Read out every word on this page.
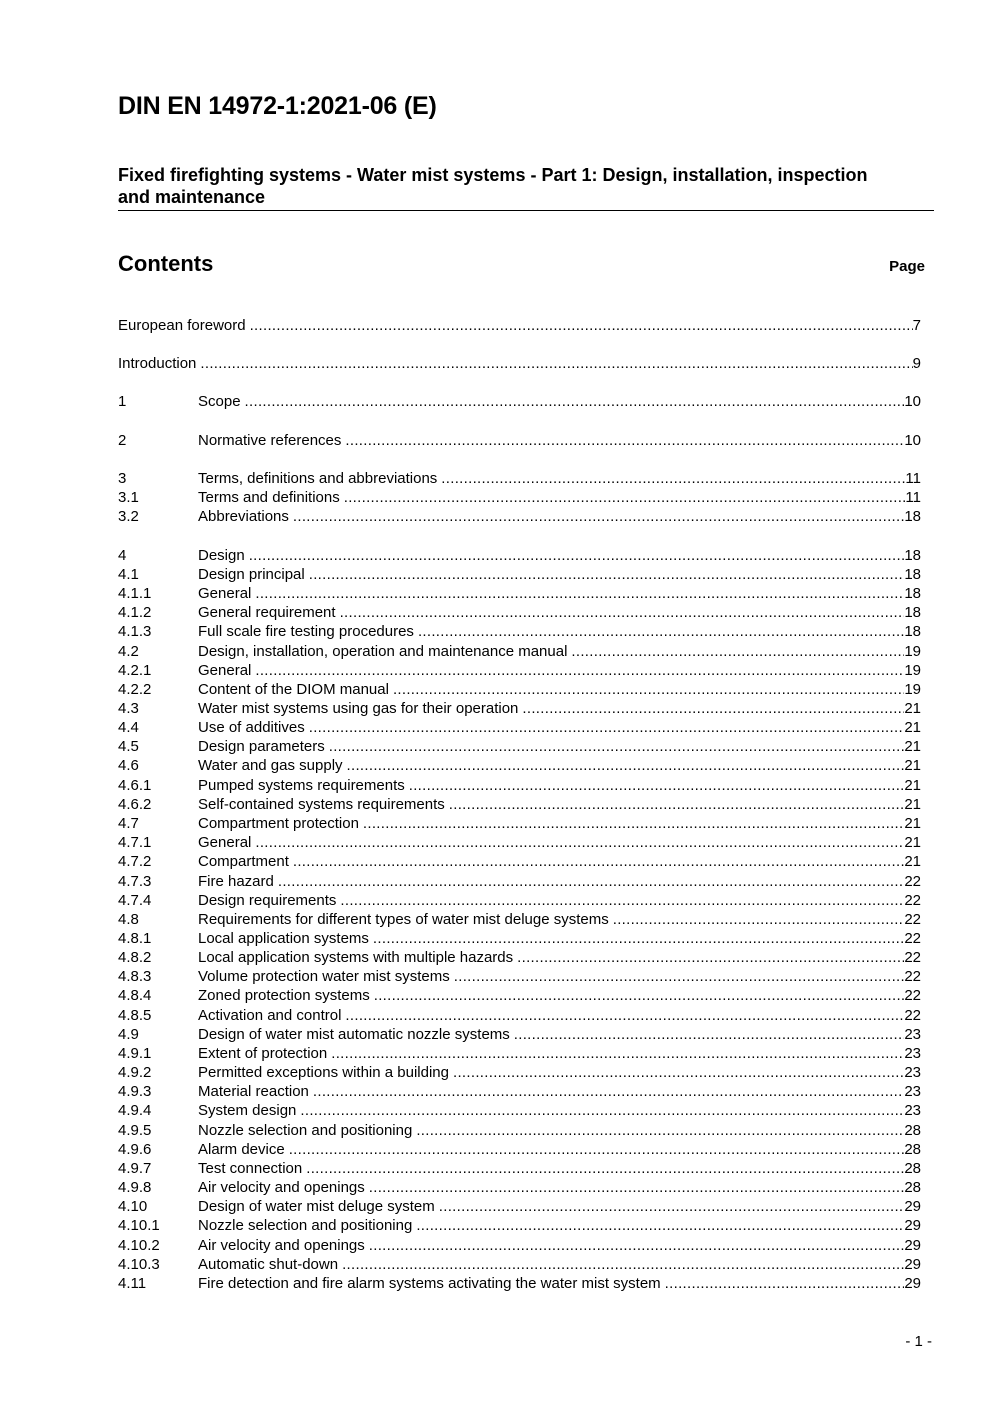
DIN EN 14972-1:2021-06 (E)
Fixed firefighting systems - Water mist systems - Part 1: Design, installation, inspection and maintenance
Contents	Page
European foreword .....	7
Introduction .....	9
1	Scope .....	10
2	Normative references .....	10
3	Terms, definitions and abbreviations .....	11
3.1	Terms and definitions .....	11
3.2	Abbreviations .....	18
4	Design .....	18
4.1	Design principal .....	18
4.1.1	General .....	18
4.1.2	General requirement .....	18
4.1.3	Full scale fire testing procedures .....	18
4.2	Design, installation, operation and maintenance manual .....	19
4.2.1	General .....	19
4.2.2	Content of the DIOM manual .....	19
4.3	Water mist systems using gas for their operation .....	21
4.4	Use of additives .....	21
4.5	Design parameters .....	21
4.6	Water and gas supply .....	21
4.6.1	Pumped systems requirements .....	21
4.6.2	Self-contained systems requirements .....	21
4.7	Compartment protection .....	21
4.7.1	General .....	21
4.7.2	Compartment .....	21
4.7.3	Fire hazard .....	22
4.7.4	Design requirements .....	22
4.8	Requirements for different types of water mist deluge systems .....	22
4.8.1	Local application systems .....	22
4.8.2	Local application systems with multiple hazards .....	22
4.8.3	Volume protection water mist systems .....	22
4.8.4	Zoned protection systems .....	22
4.8.5	Activation and control .....	22
4.9	Design of water mist automatic nozzle systems .....	23
4.9.1	Extent of protection .....	23
4.9.2	Permitted exceptions within a building .....	23
4.9.3	Material reaction .....	23
4.9.4	System design .....	23
4.9.5	Nozzle selection and positioning .....	28
4.9.6	Alarm device .....	28
4.9.7	Test connection .....	28
4.9.8	Air velocity and openings .....	28
4.10	Design of water mist deluge system .....	29
4.10.1	Nozzle selection and positioning .....	29
4.10.2	Air velocity and openings .....	29
4.10.3	Automatic shut-down .....	29
4.11	Fire detection and fire alarm systems activating the water mist system .....	29
- 1 -
